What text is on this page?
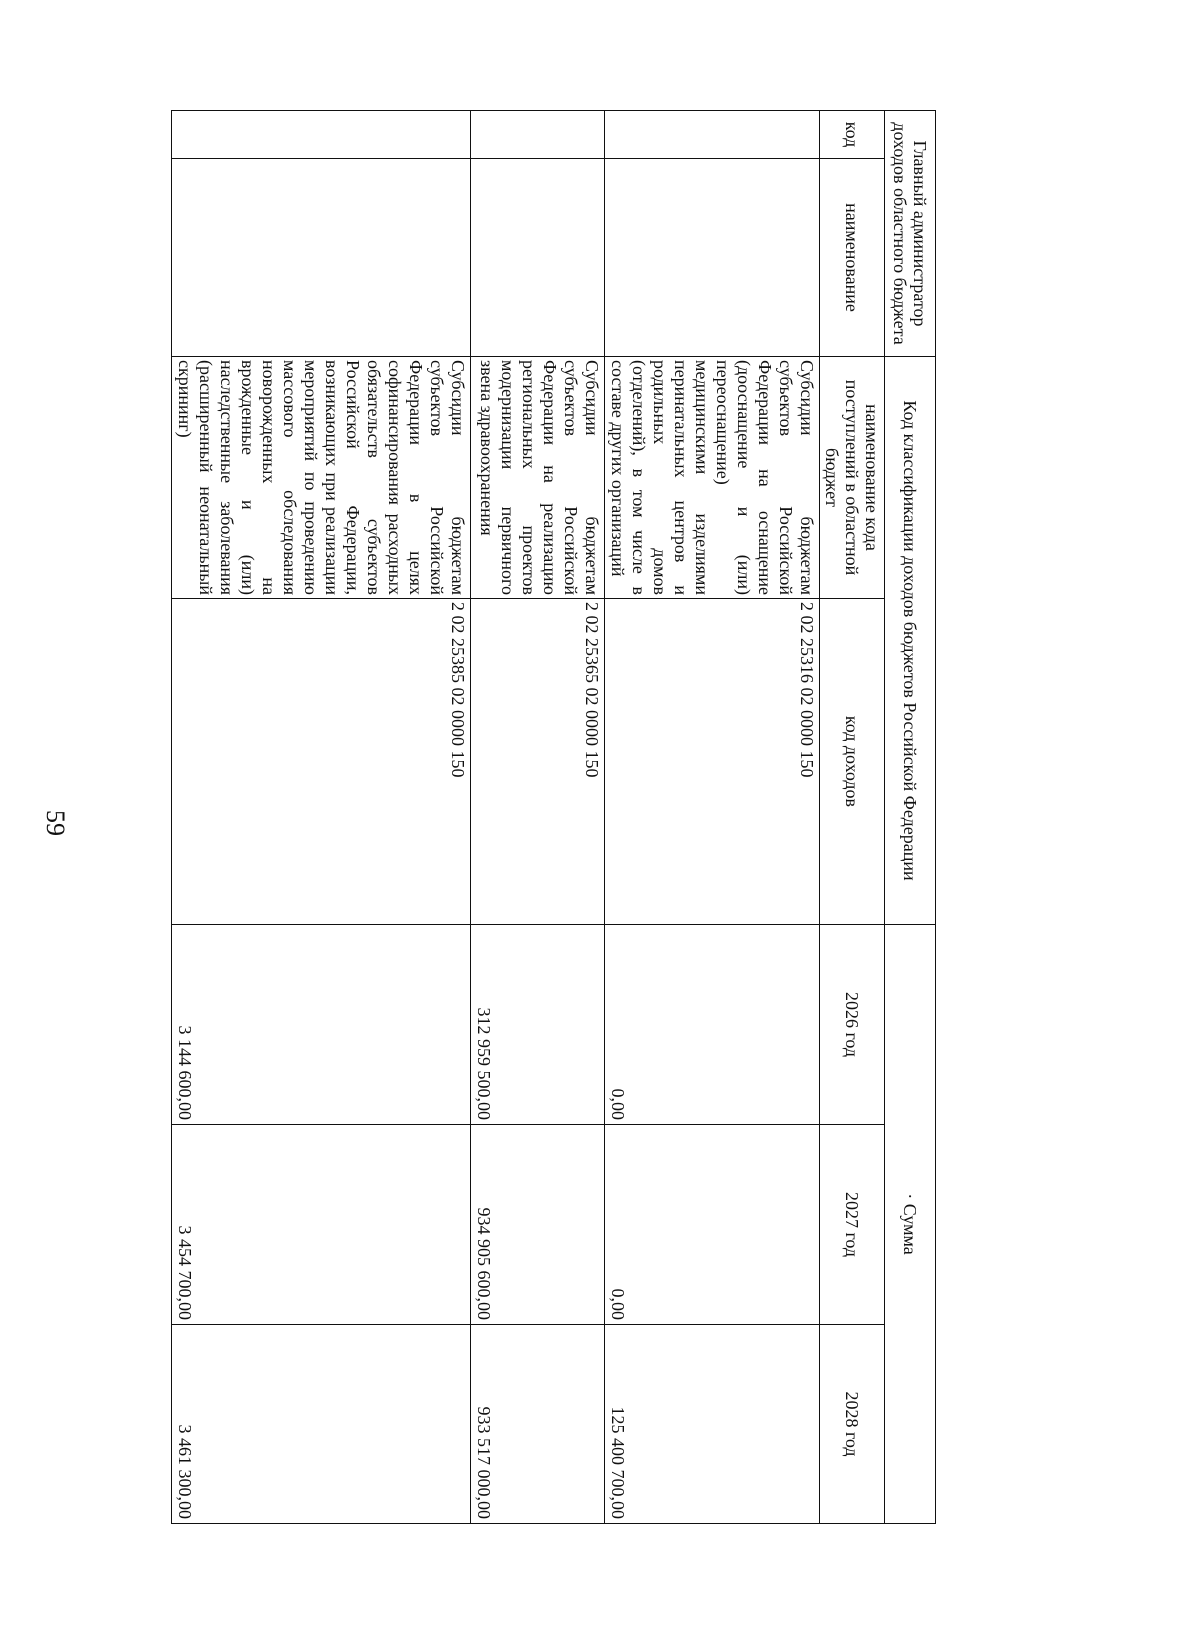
59
Главный администратор доходов областного бюджета		Код классификации доходов бюджетов Российской Федерации		· Сумма		
код	наименование	наименование кода поступлений в областной бюджет	код доходов	2026 год	2027 год	2028 год
		Субсидии бюджетам субъектов Российской Федерации на оснащение (дооснащение и (или) переоснащение) медицинскими изделиями перинатальных центров и родильных домов (отделений), в том числе в составе других организаций	2 02 25316 02 0000 150	0,00	0,00	125 400 700,00
		Субсидии бюджетам субъектов Российской Федерации на реализацию региональных проектов модернизации первичного звена здравоохранения	2 02 25365 02 0000 150	312 959 500,00	934 905 600,00	933 517 000,00
		Субсидии бюджетам субъектов Российской Федерации в целях софинансирования расходных обязательств субъектов Российской Федерации, возникающих при реализации мероприятий по проведению массового обследования новорожденных на врожденные и (или) наследственные заболевания (расширенный неонатальный скрининг)	2 02 25385 02 0000 150	3 144 600,00	3 454 700,00	3 461 300,00
